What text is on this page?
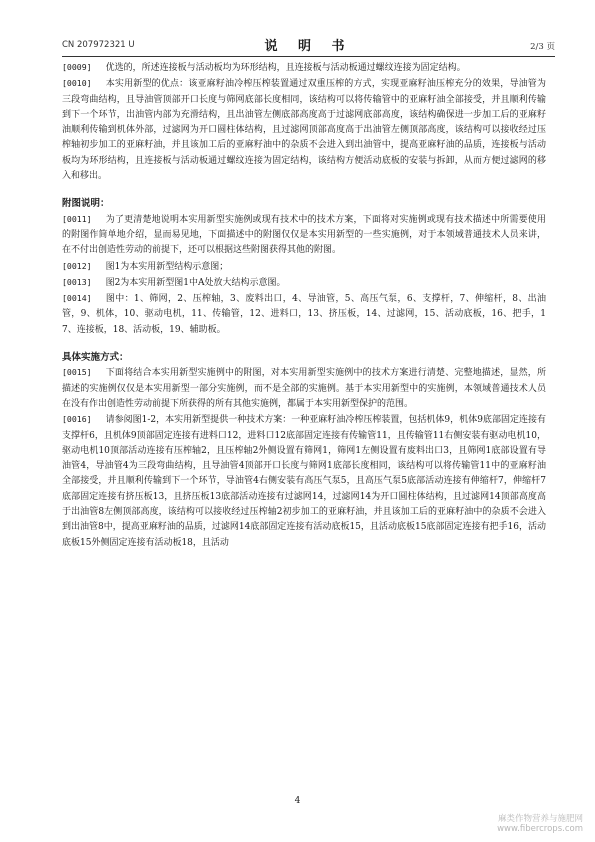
CN 207972321 U	说 明 书	2/3 页

[0009] 优选的，所述连接板与活动板均为环形结构，且连接板与活动板通过螺纹连接为固定结构。

[0010] 本实用新型的优点：该亚麻籽油冷榨压榨装置通过双重压榨的方式，实现亚麻籽油压榨充分的效果，导油管为三段弯曲结构，且导油管顶部开口长度与筛网底部长度相同，该结构可以将传输管中的亚麻籽油全部接受，并且顺利传输到下一个环节，出油管内部为充滑结构，且出油管左侧底部高度高于过滤网底部高度，该结构确保进一步加工后的亚麻籽油顺利传输到机体外部，过滤网为开口圆柱体结构，且过滤网顶部高度高于出油管左侧顶部高度，该结构可以接收经过压榨轴初步加工的亚麻籽油，并且该加工后的亚麻籽油中的杂质不会进入到出油管中，提高亚麻籽油的品质，连接板与活动板均为环形结构，且连接板与活动板通过螺纹连接为固定结构，该结构方便活动底板的安装与拆卸，从而方便过滤网的移入和移出。

附图说明：

[0011] 为了更清楚地说明本实用新型实施例或现有技术中的技术方案，下面将对实施例或现有技术描述中所需要使用的附图作简单地介绍，显而易见地，下面描述中的附图仅仅是本实用新型的一些实施例，对于本领域普通技术人员来讲，在不付出创造性劳动的前提下，还可以根据这些附图获得其他的附图。

[0012] 图1为本实用新型结构示意图；

[0013] 图2为本实用新型图1中A处放大结构示意图。

[0014] 图中：1、筛网，2、压榨轴，3、废料出口，4、导油管，5、高压气泵，6、支撑杆，7、伸缩杆，8、出油管，9、机体，10、驱动电机，11、传输管，12、进料口，13、挤压板，14、过滤网，15、活动底板，16、把手，17、连接板，18、活动板，19、辅助板。

具体实施方式：

[0015] 下面将结合本实用新型实施例中的附图，对本实用新型实施例中的技术方案进行清楚、完整地描述，显然，所描述的实施例仅仅是本实用新型一部分实施例，而不是全部的实施例。基于本实用新型中的实施例，本领域普通技术人员在没有作出创造性劳动前提下所获得的所有其他实施例，都属于本实用新型保护的范围。

[0016] 请参阅图1-2，本实用新型提供一种技术方案：一种亚麻籽油冷榨压榨装置，包括机体9，机体9底部固定连接有支撑杆6，且机体9顶部固定连接有进料口12，进料口12底部固定连接有传输管11，且传输管11右侧安装有驱动电机10，驱动电机10顶部活动连接有压榨轴2，且压榨轴2外侧设置有筛网1，筛网1左侧设置有废料出口3，且筛网1底部设置有导油管4，导油管4为三段弯曲结构，且导油管4顶部开口长度与筛网1底部长度相同，该结构可以将传输管11中的亚麻籽油全部接受，并且顺利传输到下一个环节，导油管4右侧安装有高压气泵5，且高压气泵5底部活动连接有伸缩杆7，伸缩杆7底部固定连接有挤压板13，且挤压板13底部活动连接有过滤网14，过滤网14为开口圆柱体结构，且过滤网14顶部高度高于出油管8左侧顶部高度，该结构可以接收经过压榨轴2初步加工的亚麻籽油，并且该加工后的亚麻籽油中的杂质不会进入到出油管8中，提高亚麻籽油的品质，过滤网14底部固定连接有活动底板15，且活动底板15底部固定连接有把手16，活动底板15外侧固定连接有活动板18，且活动

4
麻类作物营养与施肥网
www.fibercrops.com
